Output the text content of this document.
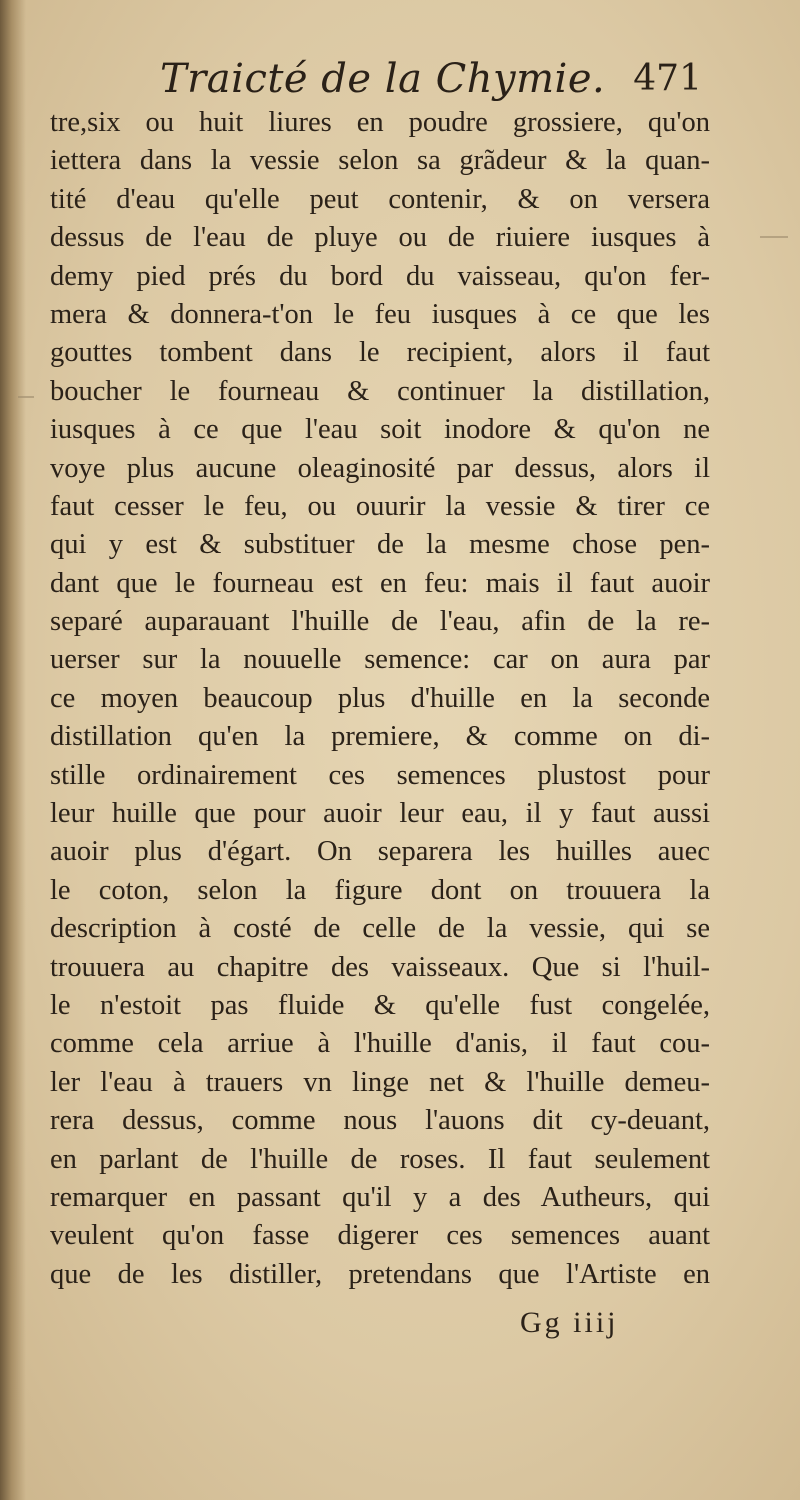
Traicté de la Chymie. 471
tre,six ou huit liures en poudre grossiere, qu'on
iettera dans la vessie selon sa grãdeur & la quan-
tité d'eau qu'elle peut contenir, & on versera
dessus de l'eau de pluye ou de riuiere iusques à
demy pied prés du bord du vaisseau, qu'on fer-
mera & donnera-t'on le feu iusques à ce que les
gouttes tombent dans le recipient, alors il faut
boucher le fourneau & continuer la distillation,
iusques à ce que l'eau soit inodore & qu'on ne
voye plus aucune oleaginosité par dessus, alors il
faut cesser le feu, ou ouurir la vessie & tirer ce
qui y est & substituer de la mesme chose pen-
dant que le fourneau est en feu: mais il faut auoir
separé auparauant l'huille de l'eau, afin de la re-
uerser sur la nouuelle semence: car on aura par
ce moyen beaucoup plus d'huille en la seconde
distillation qu'en la premiere, & comme on di-
stille ordinairement ces semences plustost pour
leur huille que pour auoir leur eau, il y faut aussi
auoir plus d'égart. On separera les huilles auec
le coton, selon la figure dont on trouuera la
description à costé de celle de la vessie, qui se
trouuera au chapitre des vaisseaux. Que si l'huil-
le n'estoit pas fluide & qu'elle fust congelée,
comme cela arriue à l'huille d'anis, il faut cou-
ler l'eau à trauers vn linge net & l'huille demeu-
rera dessus, comme nous l'auons dit cy-deuant,
en parlant de l'huille de roses. Il faut seulement
remarquer en passant qu'il y a des Autheurs, qui
veulent qu'on fasse digerer ces semences auant
que de les distiller, pretendans que l'Artiste en
Gg iiij
